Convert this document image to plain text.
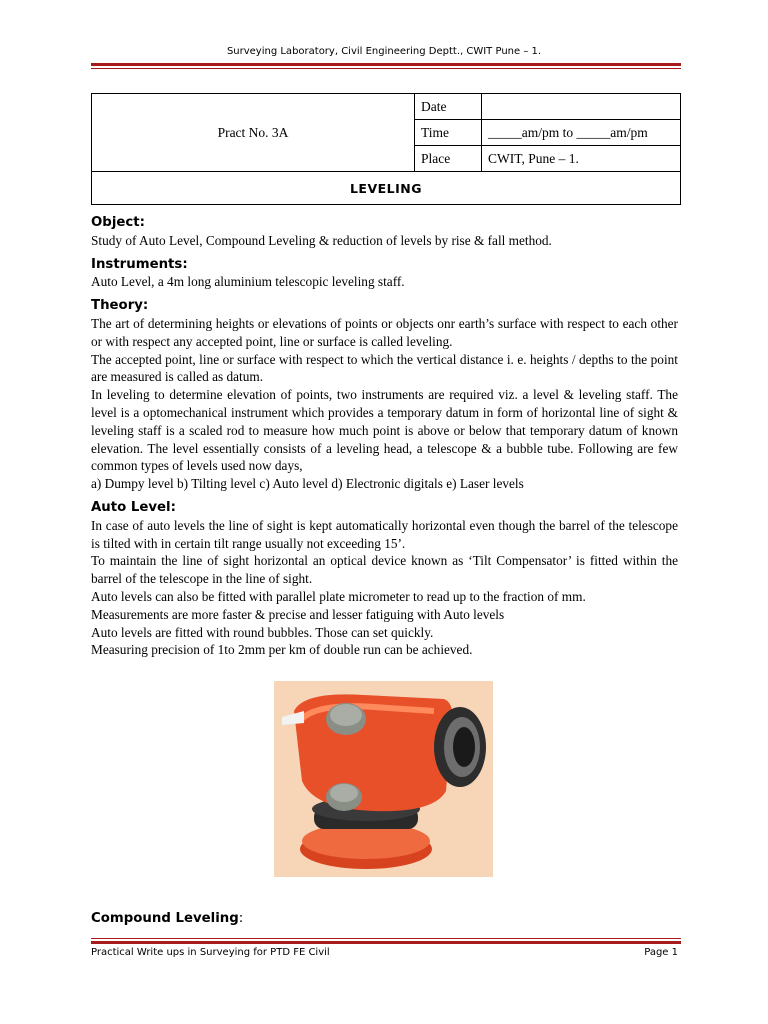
Surveying Laboratory, Civil Engineering Deptt., CWIT Pune – 1.
Pract No. 3A	Date	
	Time	_____am/pm to _____am/pm
	Place	CWIT, Pune – 1.
LEVELING		
Object:

Study of Auto Level, Compound Leveling & reduction of levels by rise & fall method.

Instruments:

Auto Level, a 4m long aluminium telescopic leveling staff.

Theory:

The art of determining heights or elevations of points or objects onr earth’s surface with respect to each other or with respect any accepted point, line or surface is called leveling.

The accepted point, line or surface with respect to which the vertical distance i. e. heights / depths to the point are measured is called as datum.

In leveling to determine elevation of points, two instruments are required viz. a level & leveling staff. The level is a optomechanical instrument which provides a temporary datum in form of horizontal line of sight & leveling staff is a scaled rod to measure how much point is above or below that temporary datum of known elevation. The level essentially consists of a leveling head, a telescope & a bubble tube. Following are few common types of levels used now days,

a) Dumpy level b) Tilting level c) Auto level d) Electronic digitals e) Laser levels

Auto Level:

In case of auto levels the line of sight is kept automatically horizontal even though the barrel of the telescope is tilted with in certain tilt range usually not exceeding 15’.

To maintain the line of sight horizontal an optical device known as ‘Tilt Compensator’ is fitted within the barrel of the telescope in the line of sight.

Auto levels can also be fitted with parallel plate micrometer to read up to the fraction of mm.

Measurements are more faster & precise and lesser fatiguing with Auto levels

Auto levels are fitted with round bubbles. Those can set quickly.

Measuring precision of 1to 2mm per km of double run can be achieved.

Compound Leveling:
Practical Write ups in Surveying for PTD FE Civil	Page 1
